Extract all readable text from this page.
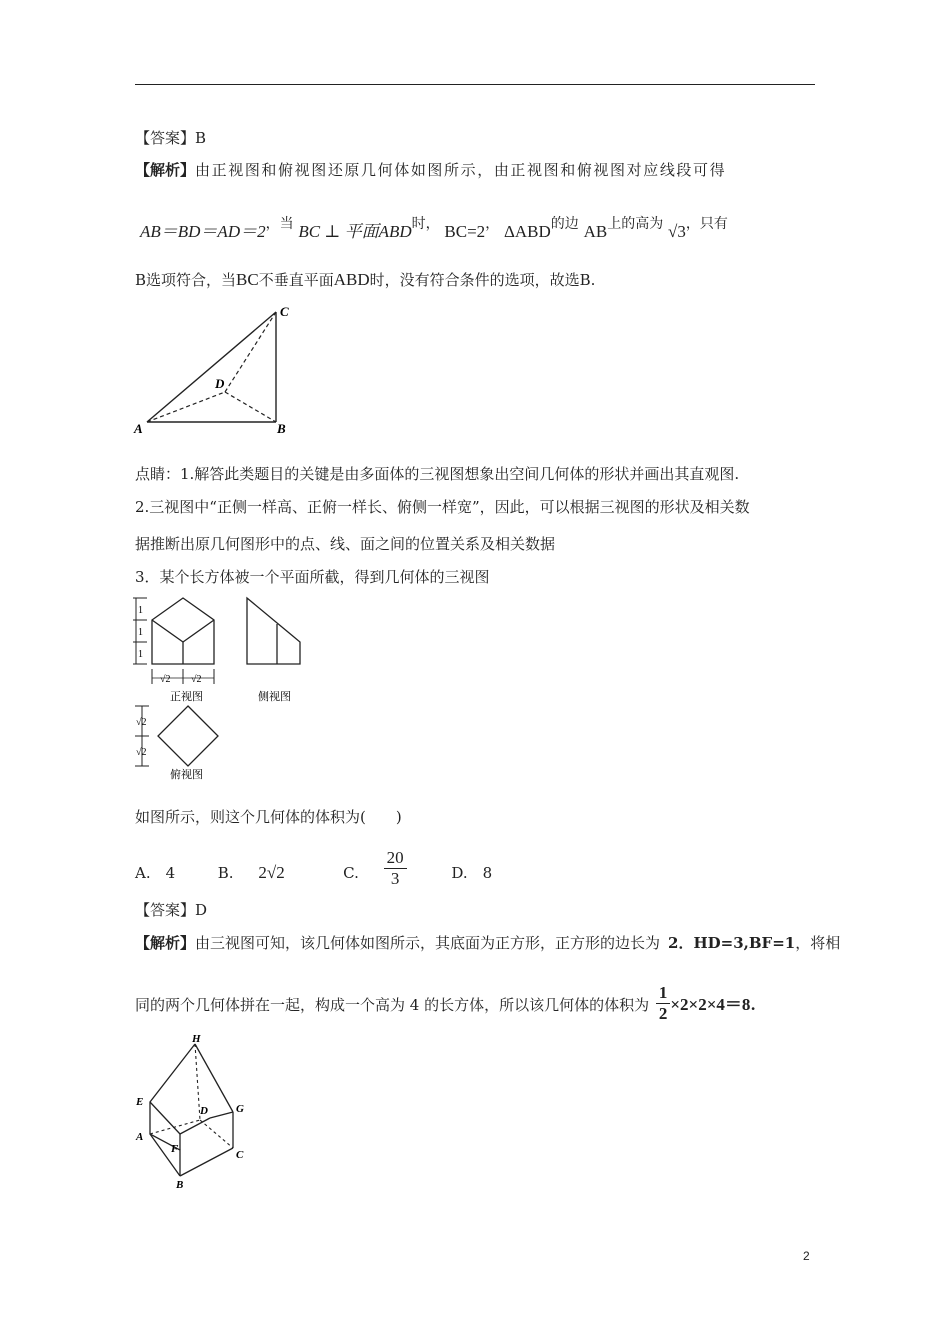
【答案】B
【解析】由正视图和俯视图还原几何体如图所示，由正视图和俯视图对应线段可得
AB＝BD＝AD＝2，当 BC ⊥ 平面ABD时， BC=2， ΔABD的边 AB上的高为 √3，只有
B选项符合，当BC不垂直平面ABD时，没有符合条件的选项，故选B.
A	B
C
D
点睛：1.解答此类题目的关键是由多面体的三视图想象出空间几何体的形状并画出其直观图.
2.三视图中“正侧一样高、正俯一样长、俯侧一样宽”，因此，可以根据三视图的形状及相关数
据推断出原几何图形中的点、线、面之间的位置关系及相关数据
3．某个长方体被一个平面所截，得到几何体的三视图
1
1
1
√2 √2
正视图	侧视图
√2
√2
俯视图
如图所示，则这个几何体的体积为(　　)
A.　4	B. 2√2	C. $\frac{20}{3}$	D.　8
【答案】D
【解析】由三视图可知，该几何体如图所示，其底面为正方形，正方形的边长为 2．HD=3,BF=1，将相
同的两个几何体拼在一起，构成一个高为 4 的长方体，所以该几何体的体积为 $\frac{1}{2} \times 2\times 2\times 4=8$.
H
E
D	G
A
F	C
B
2
